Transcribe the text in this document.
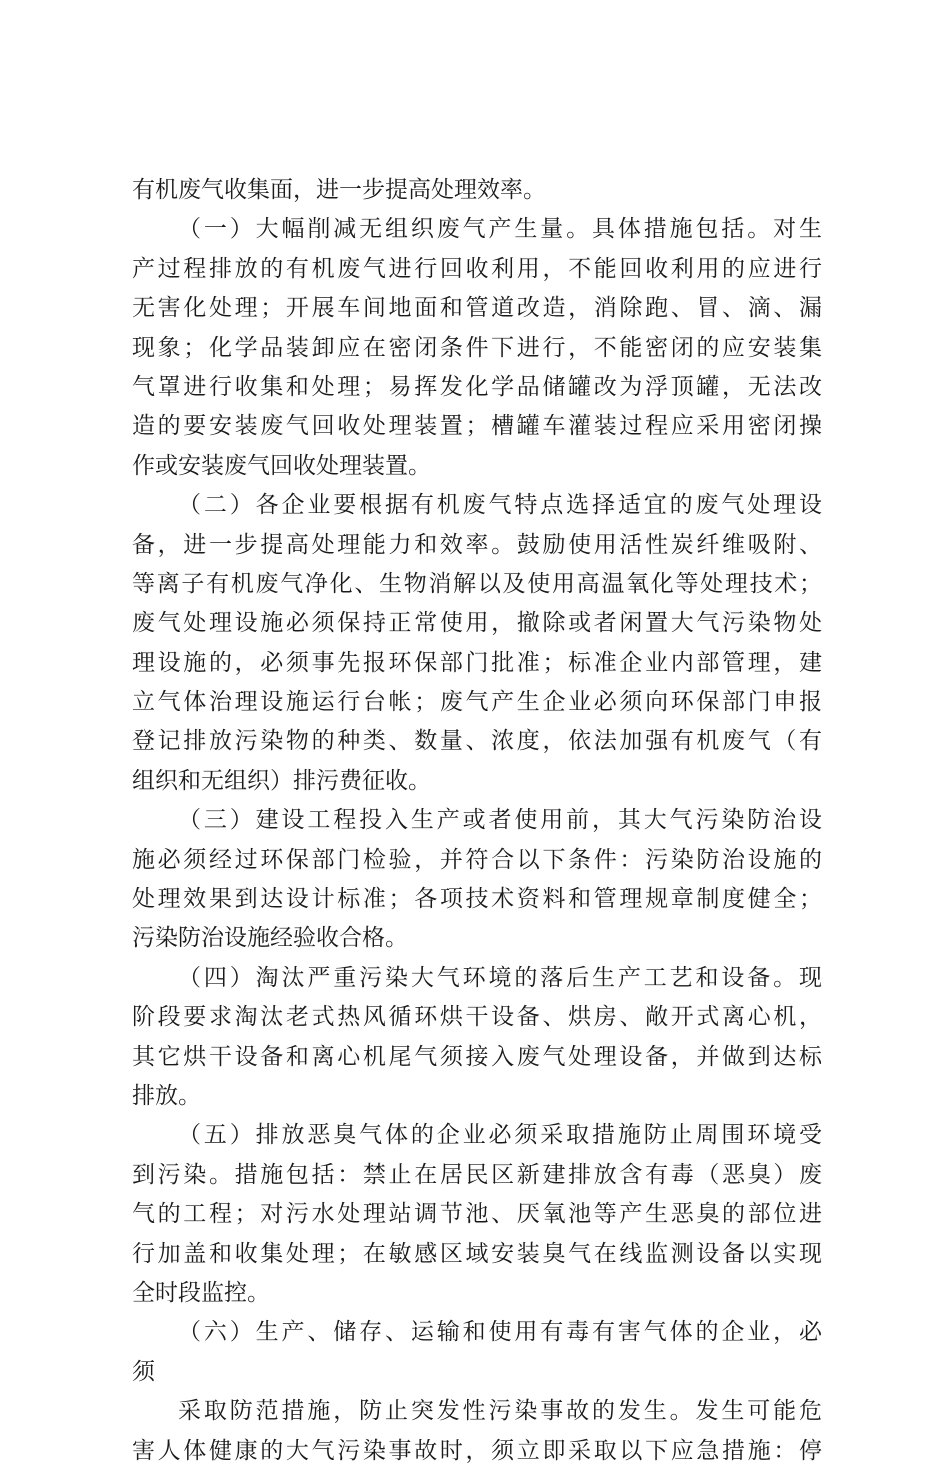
有机废气收集面，进一步提高处理效率。
（一）大幅削减无组织废气产生量。具体措施包括。对生
产过程排放的有机废气进行回收利用，不能回收利用的应进行
无害化处理；开展车间地面和管道改造，消除跑、冒、滴、漏
现象；化学品装卸应在密闭条件下进行，不能密闭的应安装集
气罩进行收集和处理；易挥发化学品储罐改为浮顶罐，无法改
造的要安装废气回收处理装置；槽罐车灌装过程应采用密闭操
作或安装废气回收处理装置。
（二）各企业要根据有机废气特点选择适宜的废气处理设
备，进一步提高处理能力和效率。鼓励使用活性炭纤维吸附、
等离子有机废气净化、生物消解以及使用高温氧化等处理技术；
废气处理设施必须保持正常使用，撤除或者闲置大气污染物处
理设施的，必须事先报环保部门批准；标准企业内部管理，建
立气体治理设施运行台帐；废气产生企业必须向环保部门申报
登记排放污染物的种类、数量、浓度，依法加强有机废气（有
组织和无组织）排污费征收。
（三）建设工程投入生产或者使用前，其大气污染防治设
施必须经过环保部门检验，并符合以下条件：污染防治设施的
处理效果到达设计标准；各项技术资料和管理规章制度健全；
污染防治设施经验收合格。
（四）淘汰严重污染大气环境的落后生产工艺和设备。现
阶段要求淘汰老式热风循环烘干设备、烘房、敞开式离心机，
其它烘干设备和离心机尾气须接入废气处理设备，并做到达标
排放。
（五）排放恶臭气体的企业必须采取措施防止周围环境受
到污染。措施包括：禁止在居民区新建排放含有毒（恶臭）废
气的工程；对污水处理站调节池、厌氧池等产生恶臭的部位进
行加盖和收集处理；在敏感区域安装臭气在线监测设备以实现
全时段监控。
（六）生产、储存、运输和使用有毒有害气体的企业，必
须
采取防范措施，防止突发性污染事故的发生。发生可能危
害人体健康的大气污染事故时，须立即采取以下应急措施：停
